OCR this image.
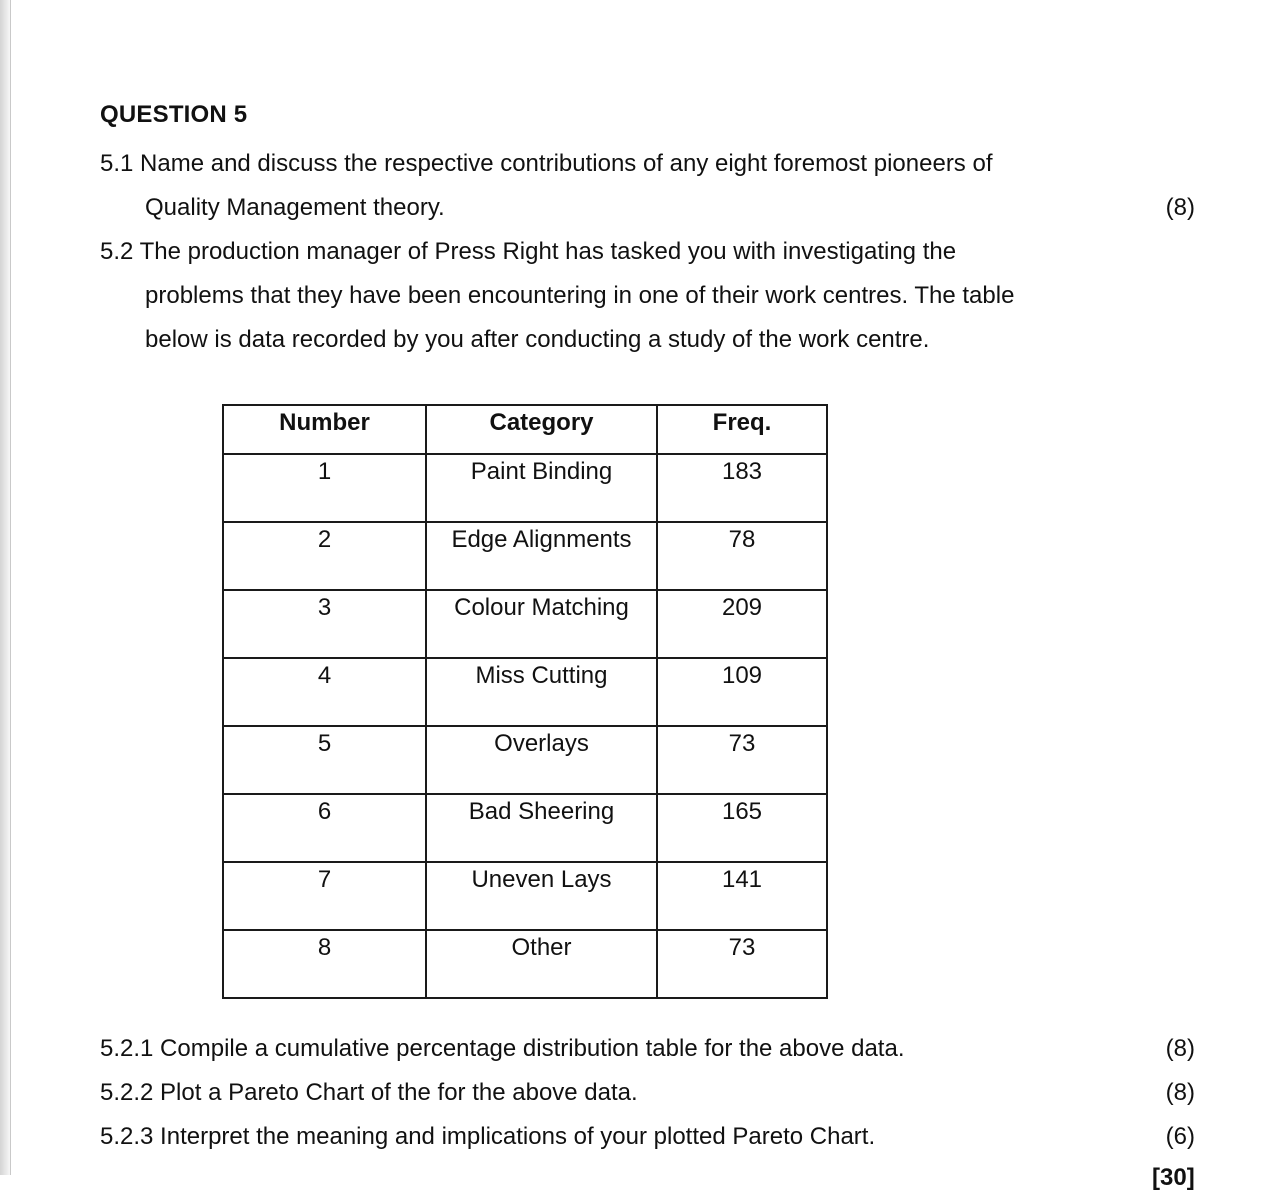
QUESTION 5
5.1 Name and discuss the respective contributions of any eight foremost pioneers of
Quality Management theory.	(8)
5.2 The production manager of Press Right has tasked you with investigating the
problems that they have been encountering in one of their work centres. The table
below is data recorded by you after conducting a study of the work centre.
Number	Category	Freq.
1	Paint Binding	183
2	Edge Alignments	78
3	Colour Matching	209
4	Miss Cutting	109
5	Overlays	73
6	Bad Sheering	165
7	Uneven Lays	141
8	Other	73
5.2.1 Compile a cumulative percentage distribution table for the above data.	(8)
5.2.2 Plot a Pareto Chart of the for the above data.	(8)
5.2.3 Interpret the meaning and implications of your plotted Pareto Chart.	(6)
[30]
